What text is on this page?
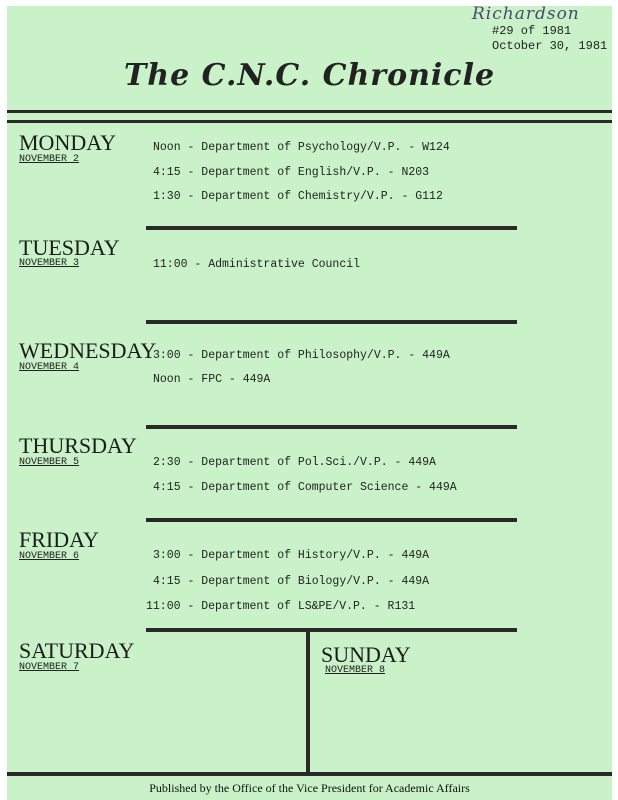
Richardson
#29 of 1981
October 30, 1981
The C.N.C. Chronicle
MONDAY
NOVEMBER 2
Noon - Department of Psychology/V.P. - W124
4:15 - Department of English/V.P. - N203
1:30 - Department of Chemistry/V.P. - G112
TUESDAY
NOVEMBER 3	11:00 - Administrative Council
WEDNESDAY
NOVEMBER 4
3:00 - Department of Philosophy/V.P. - 449A
Noon - FPC - 449A
THURSDAY
NOVEMBER 5	2:30 - Department of Pol.Sci./V.P. - 449A
4:15 - Department of Computer Science - 449A
FRIDAY
NOVEMBER 6	3:00 - Department of History/V.P. - 449A
4:15 - Department of Biology/V.P. - 449A
11:00 - Department of LS&PE/V.P. - R131
SATURDAY
NOVEMBER 7
SUNDAY
NOVEMBER 8
Published by the Office of the Vice President for Academic Affairs
